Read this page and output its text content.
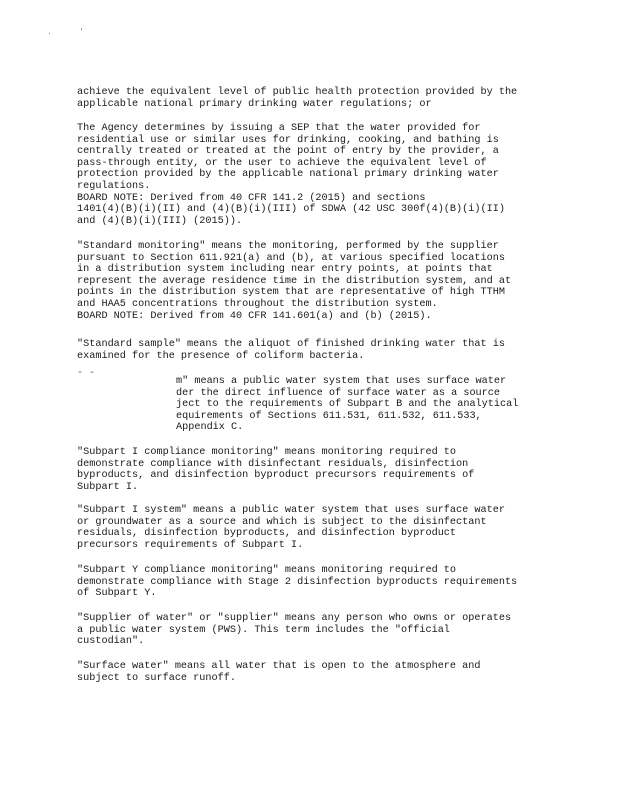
.	'
achieve the equivalent level of public health protection provided by the
applicable national primary drinking water regulations; or
The Agency determines by issuing a SEP that the water provided for
residential use or similar uses for drinking, cooking, and bathing is
centrally treated or treated at the point of entry by the provider, a
pass-through entity, or the user to achieve the equivalent level of
protection provided by the applicable national primary drinking water
regulations.
BOARD NOTE: Derived from 40 CFR 141.2 (2015) and sections
1401(4)(B)(i)(II) and (4)(B)(i)(III) of SDWA (42 USC 300f(4)(B)(i)(II)
and (4)(B)(i)(III) (2015)).
"Standard monitoring" means the monitoring, performed by the supplier
pursuant to Section 611.921(a) and (b), at various specified locations
in a distribution system including near entry points, at points that
represent the average residence time in the distribution system, and at
points in the distribution system that are representative of high TTHM
and HAA5 concentrations throughout the distribution system.
BOARD NOTE: Derived from 40 CFR 141.601(a) and (b) (2015).
"Standard sample" means the aliquot of finished drinking water that is
examined for the presence of coliform bacteria.
- -
m" means a public water system that uses surface water
der the direct influence of surface water as a source
ject to the requirements of Subpart B and the analytical
equirements of Sections 611.531, 611.532, 611.533,
Appendix C.
"Subpart I compliance monitoring" means monitoring required to
demonstrate compliance with disinfectant residuals, disinfection
byproducts, and disinfection byproduct precursors requirements of
Subpart I.
"Subpart I system" means a public water system that uses surface water
or groundwater as a source and which is subject to the disinfectant
residuals, disinfection byproducts, and disinfection byproduct
precursors requirements of Subpart I.
"Subpart Y compliance monitoring" means monitoring required to
demonstrate compliance with Stage 2 disinfection byproducts requirements
of Subpart Y.
"Supplier of water" or "supplier" means any person who owns or operates
a public water system (PWS). This term includes the "official
custodian".
"Surface water" means all water that is open to the atmosphere and
subject to surface runoff.
